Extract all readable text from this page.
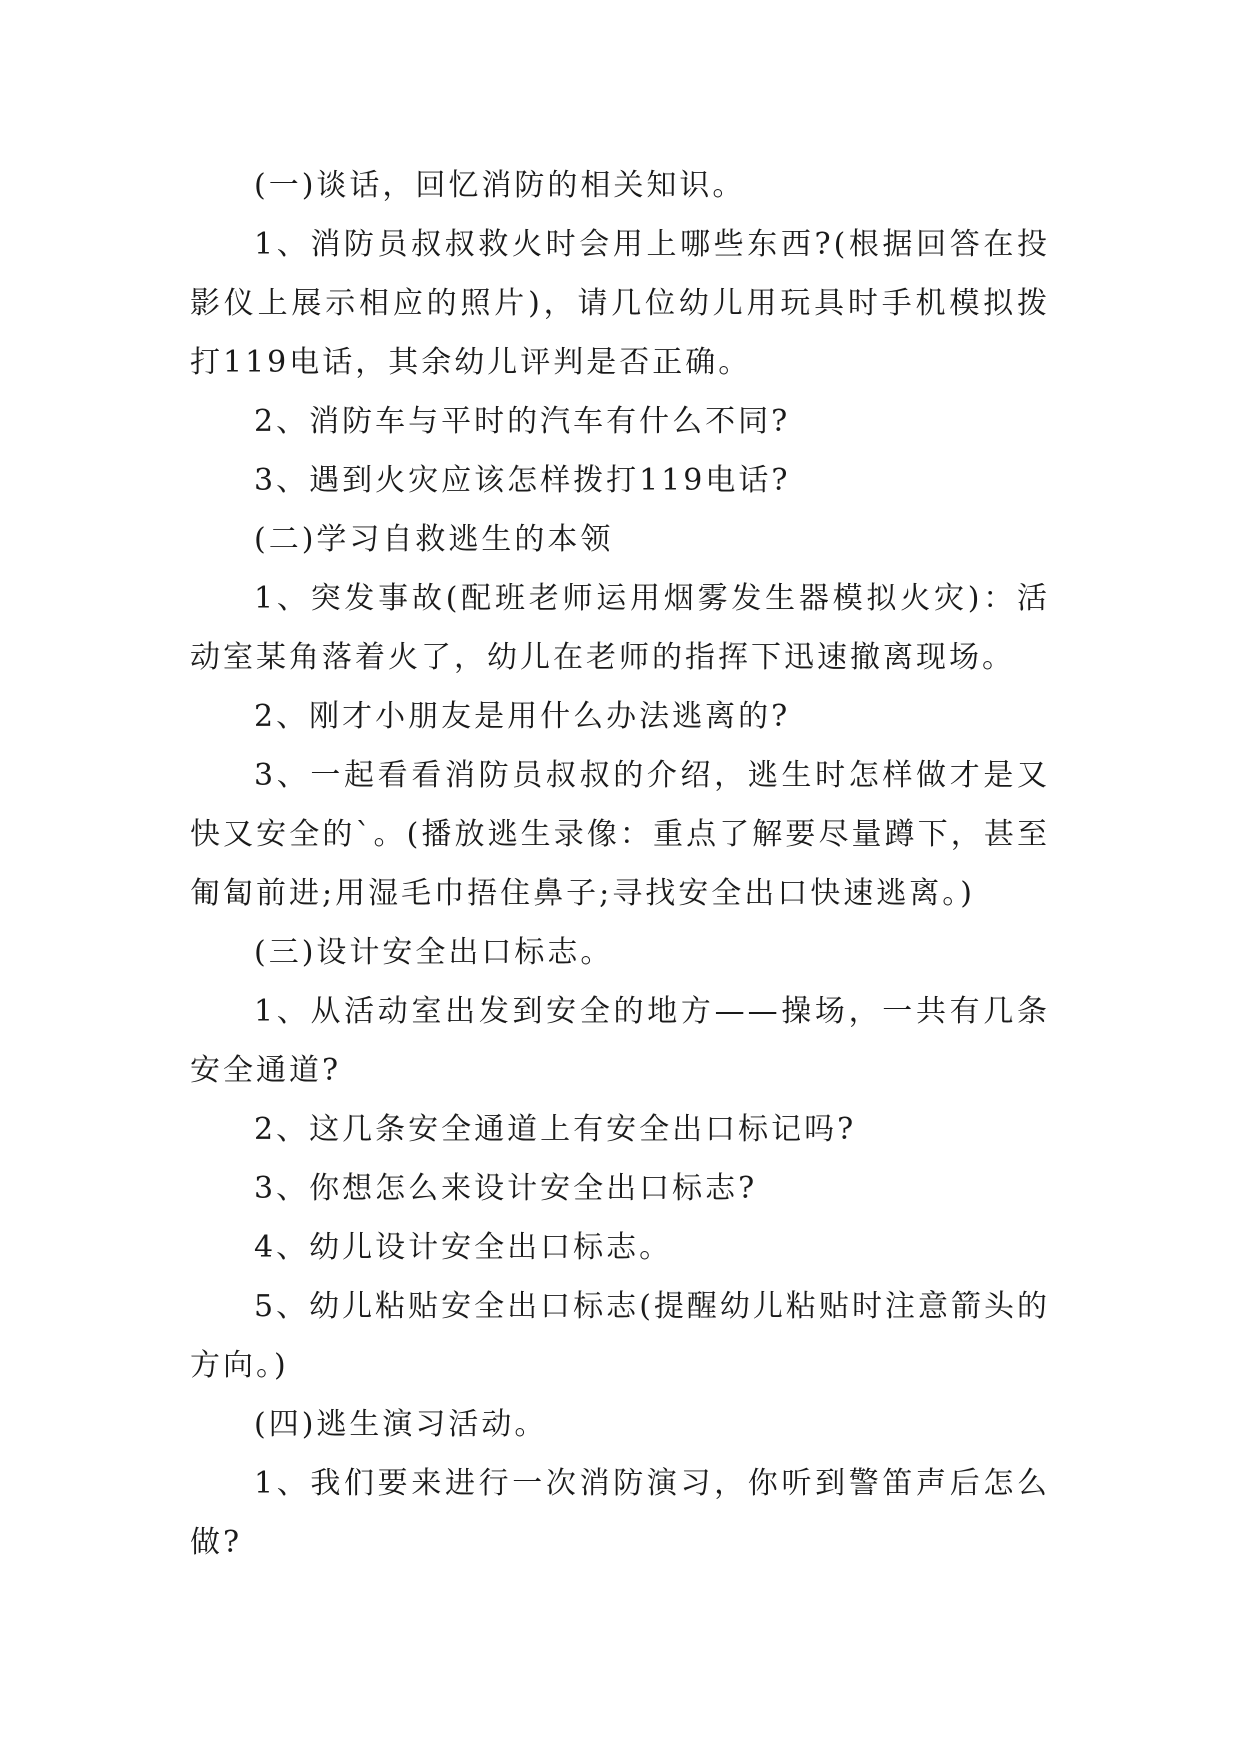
(一)谈话，回忆消防的相关知识。

1、消防员叔叔救火时会用上哪些东西?(根据回答在投影仪上展示相应的照片)，请几位幼儿用玩具时手机模拟拨打119电话，其余幼儿评判是否正确。

2、消防车与平时的汽车有什么不同?

3、遇到火灾应该怎样拨打119电话?

(二)学习自救逃生的本领

1、突发事故(配班老师运用烟雾发生器模拟火灾)：活动室某角落着火了，幼儿在老师的指挥下迅速撤离现场。

2、刚才小朋友是用什么办法逃离的?

3、一起看看消防员叔叔的介绍，逃生时怎样做才是又快又安全的`。(播放逃生录像：重点了解要尽量蹲下，甚至匍匐前进;用湿毛巾捂住鼻子;寻找安全出口快速逃离。)

(三)设计安全出口标志。

1、从活动室出发到安全的地方——操场，一共有几条安全通道?

2、这几条安全通道上有安全出口标记吗?

3、你想怎么来设计安全出口标志?

4、幼儿设计安全出口标志。

5、幼儿粘贴安全出口标志(提醒幼儿粘贴时注意箭头的方向。)

(四)逃生演习活动。

1、我们要来进行一次消防演习，你听到警笛声后怎么做?
